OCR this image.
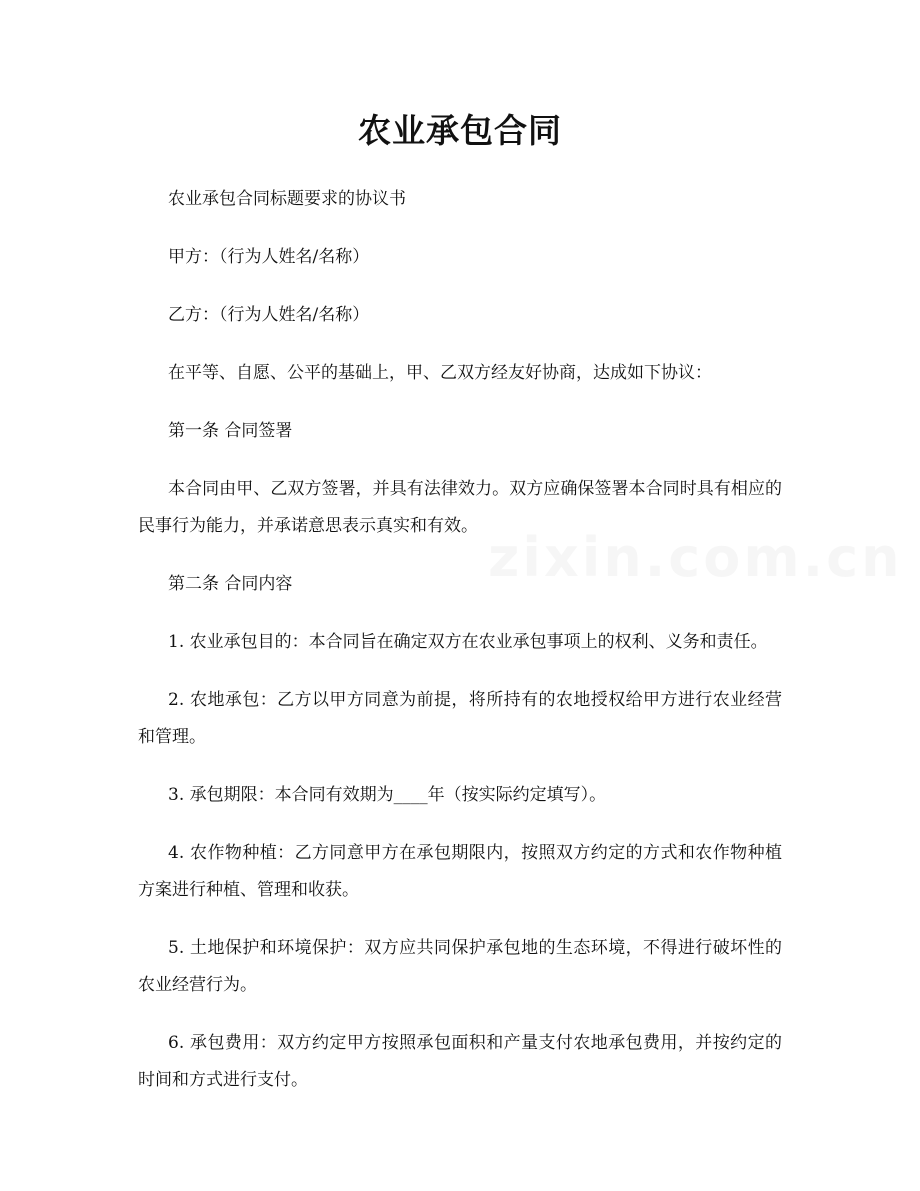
农业承包合同

农业承包合同标题要求的协议书

甲方：（行为人姓名/名称）

乙方：（行为人姓名/名称）

在平等、自愿、公平的基础上，甲、乙双方经友好协商，达成如下协议：

第一条 合同签署

本合同由甲、乙双方签署，并具有法律效力。双方应确保签署本合同时具有相应的民事行为能力，并承诺意思表示真实和有效。

第二条 合同内容

1. 农业承包目的：本合同旨在确定双方在农业承包事项上的权利、义务和责任。

2. 农地承包：乙方以甲方同意为前提，将所持有的农地授权给甲方进行农业经营和管理。

3. 承包期限：本合同有效期为____年（按实际约定填写）。

4. 农作物种植：乙方同意甲方在承包期限内，按照双方约定的方式和农作物种植方案进行种植、管理和收获。

5. 土地保护和环境保护：双方应共同保护承包地的生态环境，不得进行破坏性的农业经营行为。

6. 承包费用：双方约定甲方按照承包面积和产量支付农地承包费用，并按约定的时间和方式进行支付。
